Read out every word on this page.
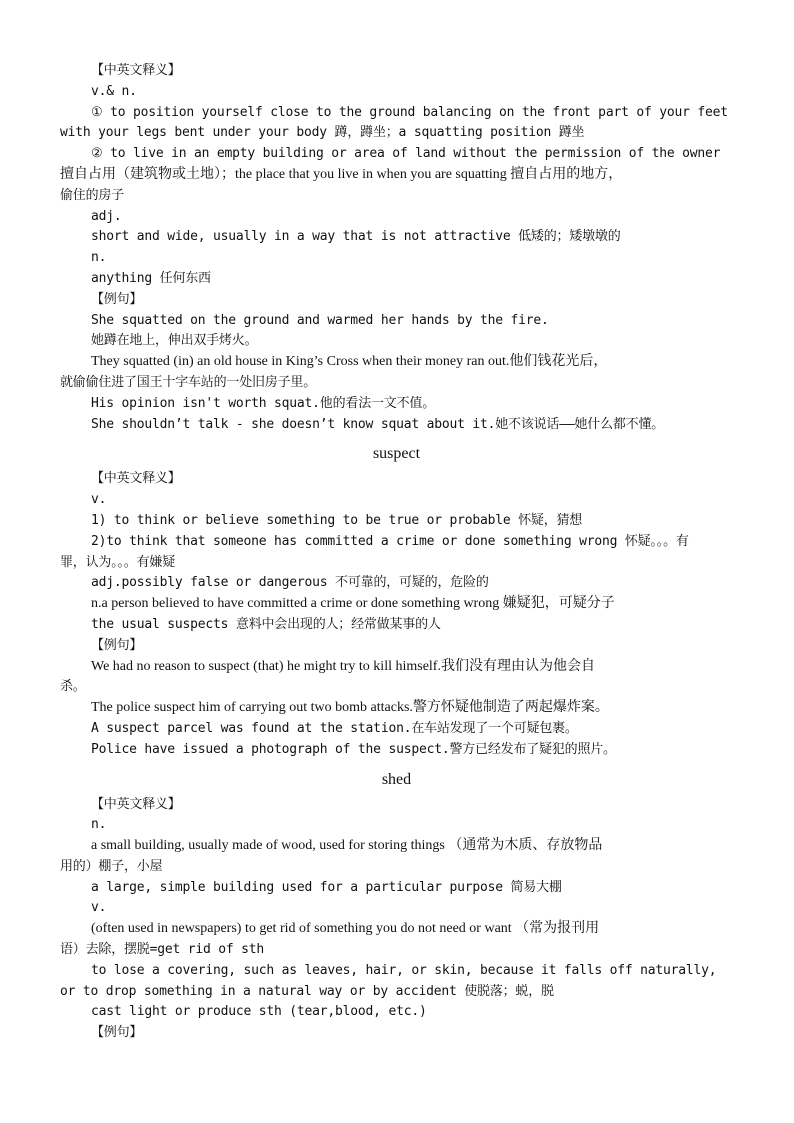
【中英文释义】
v.& n.
① to position yourself close to the ground balancing on the front part of your feet
with your legs bent under your body 蹲，蹲坐；a squatting position 蹲坐
② to live in an empty building or area of land without the permission of the owner
擅自占用（建筑物或土地）；the place that you live in when you are squatting 擅自占用的地方，
偷住的房子
adj.
short and wide, usually in a way that is not attractive 低矮的；矮墩墩的
n.
anything 任何东西
【例句】
She squatted on the ground and warmed her hands by the fire.
她蹲在地上，伸出双手烤火。
They squatted (in) an old house in King’s Cross when their money ran out.他们钱花光后，
就偷偷住进了国王十字车站的一处旧房子里。
His opinion isn't worth squat.他的看法一文不值。
She shouldn’t talk - she doesn’t know squat about it.她不该说话——她什么都不懂。
suspect
【中英文释义】
v.
1) to think or believe something to be true or probable 怀疑，猜想
2)to think that someone has committed a crime or done something wrong 怀疑。。。有
罪，认为。。。有嫌疑
adj.possibly false or dangerous 不可靠的，可疑的，危险的
n.a person believed to have committed a crime or done something wrong 嫌疑犯，可疑分子
the usual suspects 意料中会出现的人；经常做某事的人
【例句】
We had no reason to suspect (that) he might try to kill himself.我们没有理由认为他会自
杀。
The police suspect him of carrying out two bomb attacks.警方怀疑他制造了两起爆炸案。
A suspect parcel was found at the station.在车站发现了一个可疑包裹。
Police have issued a photograph of the suspect.警方已经发布了疑犯的照片。
shed
【中英文释义】
n.
a small building, usually made of wood, used for storing things （通常为木质、存放物品
用的）棚子，小屋
a large, simple building used for a particular purpose 简易大棚
v.
(often used in newspapers) to get rid of something you do not need or want （常为报刊用
语）去除，摆脱=get rid of sth
to lose a covering, such as leaves, hair, or skin, because it falls off naturally,
or to drop something in a natural way or by accident 使脱落；蜕，脱
cast light or produce sth (tear,blood, etc.)
【例句】
